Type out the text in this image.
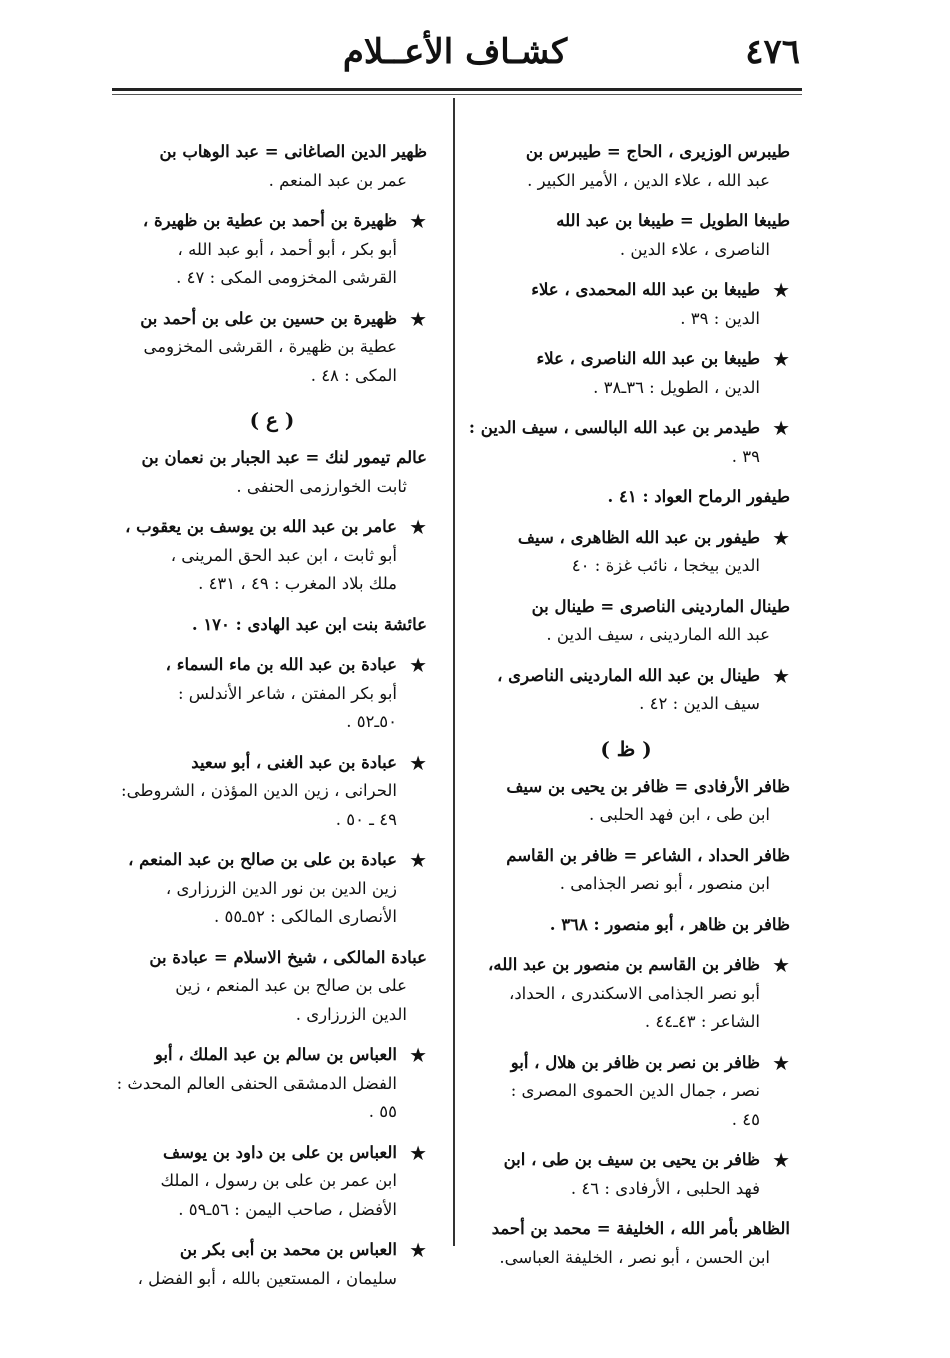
٤٧٦
كشـاف الأعــلام
طيبرس الوزيرى ، الحاج = طيبرس بن
عبد الله ، علاء الدين ، الأمير الكبير .
طيبغا الطويل = طيبغا بن عبد الله
الناصرى ، علاء الدين .
★
طيبغا بن عبد الله المحمدى ، علاء
الدين : ٣٩ .
★
طيبغا بن عبد الله الناصرى ، علاء
الدين ، الطويل : ٣٦ـ٣٨ .
★
طيدمر بن عبد الله البالسى ، سيف الدين :
٣٩ .
طيفور الرماح العواد : ٤١ .
★
طيفور بن عبد الله الظاهرى ، سيف
الدين بيخجا ، نائب غزة : ٤٠
طينال الماردينى الناصرى = طينال بن
عبد الله الماردينى ، سيف الدين .
★
طينال بن عبد الله الماردينى الناصرى ،
سيف الدين : ٤٢ .
( ظ )
ظافر الأرفادى = ظافر بن يحيى بن سيف
ابن طى ، ابن فهد الحلبى .
ظافر الحداد ، الشاعر = ظافر بن القاسم
ابن منصور ، أبو نصر الجذامى .
ظافر بن ظاهر ، أبو منصور : ٣٦٨ .
★
ظافر بن القاسم بن منصور بن عبد الله،
أبو نصر الجذامى الاسكندرى ، الحداد،
الشاعر : ٤٣ـ٤٤ .
★
ظافر بن نصر بن ظافر بن هلال ، أبو
نصر ، جمال الدين الحموى المصرى :
٤٥ .
★
ظافر بن يحيى بن سيف بن طى ، ابن
فهد الحلبى ، الأرفادى : ٤٦ .
الظاهر بأمر الله ، الخليفة = محمد بن أحمد
ابن الحسن ، أبو نصر ، الخليفة العباسى.
ظهير الدين الصاغانى = عبد الوهاب بن
عمر بن عبد المنعم .
★
ظهيرة بن أحمد بن عطية بن ظهيرة ،
أبو بكر ، أبو أحمد ، أبو عبد الله ،
القرشى المخزومى المكى : ٤٧ .
★
ظهيرة بن حسين بن على بن أحمد بن
عطية بن ظهيرة ، القرشى المخزومى
المكى : ٤٨ .
( ع )
عالم تيمور لنك = عبد الجبار بن نعمان بن
ثابت الخوارزمى الحنفى .
★
عامر بن عبد الله بن يوسف بن يعقوب ،
أبو ثابت ، ابن عبد الحق المرينى ،
ملك بلاد المغرب : ٤٩ ، ٤٣١ .
عائشة بنت ابن عبد الهادى : ١٧٠ .
★
عبادة بن عبد الله بن ماء السماء ،
أبو بكر المفتن ، شاعر الأندلس :
٥٠ـ٥٢ .
★
عبادة بن عبد الغنى ، أبو سعيد
الحرانى ، زين الدين المؤذن ، الشروطى:
٤٩ ـ ٥٠ .
★
عبادة بن على بن صالح بن عبد المنعم ،
زين الدين بن نور الدين الزرزارى ،
الأنصارى المالكى : ٥٢ـ٥٥ .
عبادة المالكى ، شيخ الاسلام = عبادة بن
على بن صالح بن عبد المنعم ، زين
الدين الزرزارى .
★
العباس بن سالم بن عبد الملك ، أبو
الفضل الدمشقى الحنفى العالم المحدث :
٥٥ .
★
العباس بن على بن داود بن يوسف
ابن عمر بن على بن رسول ، الملك
الأفضل ، صاحب اليمن : ٥٦ـ٥٩ .
★
العباس بن محمد بن أبى بكر بن
سليمان ، المستعين بالله ، أبو الفضل ،
